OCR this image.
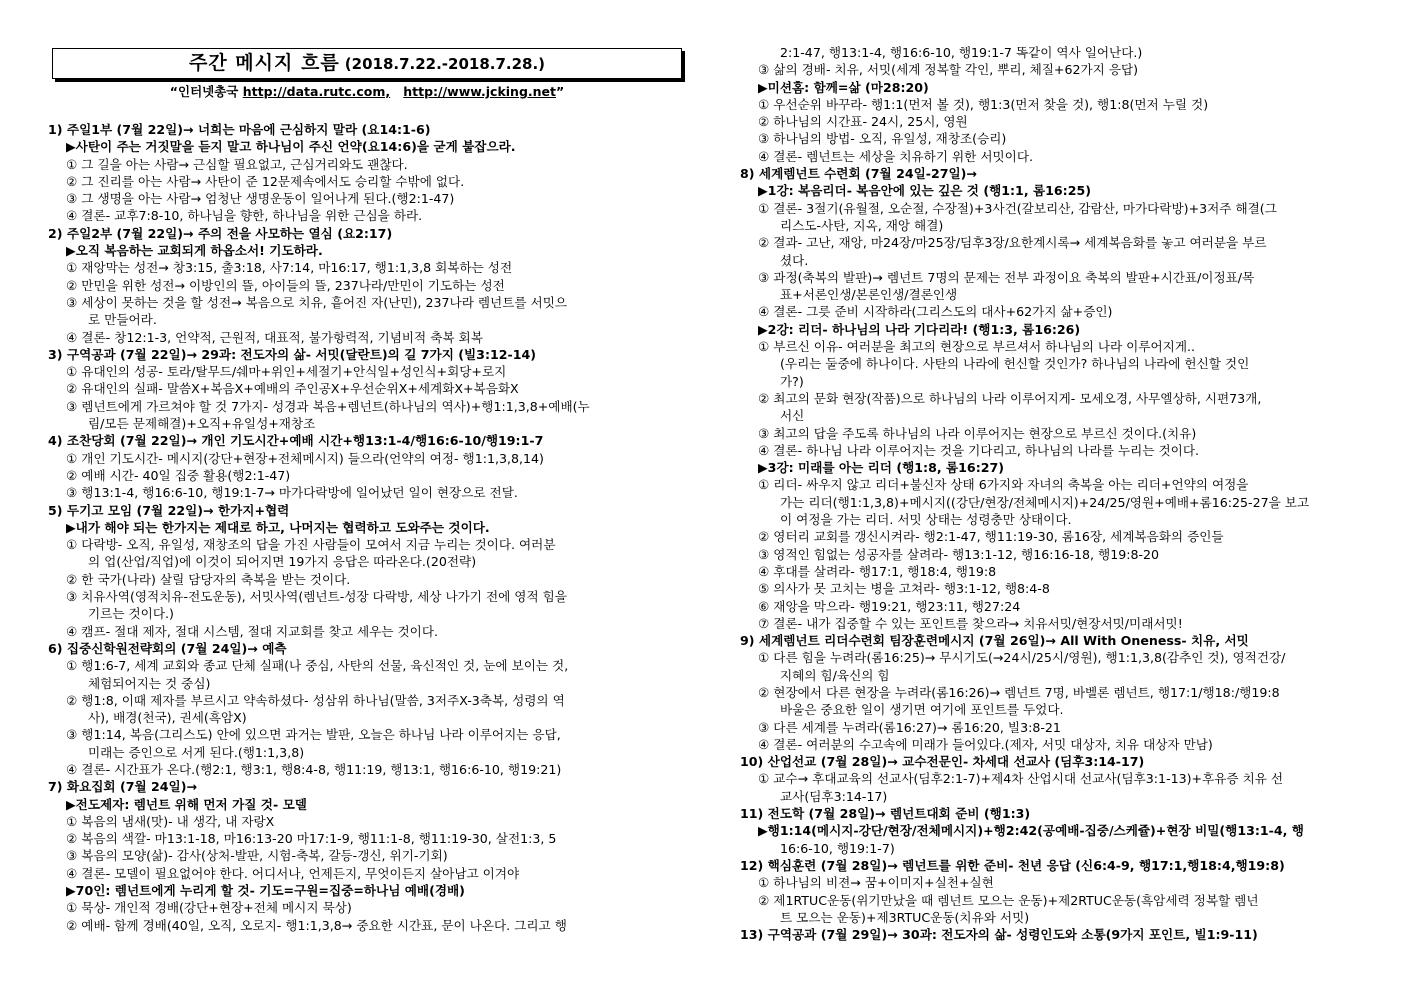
주간 메시지 흐름 (2018.7.22.-2018.7.28.)
“인터넷총국 http://data.rutc.com, http://www.jcking.net”
1) 주일1부 (7월 22일)→ 너희는 마음에 근심하지 말라 (요14:1-6)
▶사탄이 주는 거짓말을 듣지 말고 하나님이 주신 언약(요14:6)을 굳게 붙잡으라.
① 그 길을 아는 사람→ 근심할 필요없고, 근심거리와도 괜찮다.
② 그 진리를 아는 사람→ 사탄이 준 12문제속에서도 승리할 수밖에 없다.
③ 그 생명을 아는 사람→ 엄청난 생명운동이 일어나게 된다.(행2:1-47)
④ 결론- 교후7:8-10, 하나님을 향한, 하나님을 위한 근심을 하라.
2) 주일2부 (7월 22일)→ 주의 전을 사모하는 열심 (요2:17)
▶오직 복음하는 교회되게 하옵소서! 기도하라.
① 재앙막는 성전→ 창3:15, 출3:18, 사7:14, 마16:17, 행1:1,3,8 회복하는 성전
② 만민을 위한 성전→ 이방인의 뜰, 아이들의 뜰, 237나라/만민이 기도하는 성전
③ 세상이 못하는 것을 할 성전→ 복음으로 치유, 흩어진 자(난민), 237나라 렘넌트를 서밋으
로 만들어라.
④ 결론- 창12:1-3, 언약적, 근원적, 대표적, 불가항력적, 기념비적 축복 회복
3) 구역공과 (7월 22일)→ 29과: 전도자의 삶- 서밋(달란트)의 길 7가지 (빌3:12-14)
① 유대인의 성공- 토라/탈무드/쉐마+위인+세절기+안식일+성인식+회당+로지
② 유대인의 실패- 말씀X+복음X+예배의 주인공X+우선순위X+세계화X+복음화X
③ 렘넌트에게 가르쳐야 할 것 7가지- 성경과 복음+렘넌트(하나님의 역사)+행1:1,3,8+예배(누
림/모든 문제해결)+오직+유일성+재창조
4) 조찬당회 (7월 22일)→ 개인 기도시간+예배 시간+행13:1-4/행16:6-10/행19:1-7
① 개인 기도시간- 메시지(강단+현장+전체메시지) 들으라(언약의 여정- 행1:1,3,8,14)
② 예배 시간- 40일 집중 활용(행2:1-47)
③ 행13:1-4, 행16:6-10, 행19:1-7→ 마가다락방에 일어났던 일이 현장으로 전달.
5) 두기고 모임 (7월 22일)→ 한가지+협력
▶내가 해야 되는 한가지는 제대로 하고, 나머지는 협력하고 도와주는 것이다.
① 다락방- 오직, 유일성, 재창조의 답을 가진 사람들이 모여서 지금 누리는 것이다. 여러분
의 업(산업/직업)에 이것이 되어지면 19가지 응답은 따라온다.(20전략)
② 한 국가(나라) 살릴 담당자의 축복을 받는 것이다.
③ 치유사역(영적치유-전도운동), 서밋사역(렘넌트-성장 다락방, 세상 나가기 전에 영적 힘을
기르는 것이다.)
④ 캠프- 절대 제자, 절대 시스템, 절대 지교회를 찾고 세우는 것이다.
6) 집중신학원전략회의 (7월 24일)→ 예측
① 행1:6-7, 세계 교회와 종교 단체 실패(나 중심, 사탄의 선물, 육신적인 것, 눈에 보이는 것,
체험되어지는 것 중심)
② 행1:8, 이때 제자를 부르시고 약속하셨다- 성삼위 하나님(말씀, 3저주X-3축복, 성령의 역
사), 배경(천국), 권세(흑암X)
③ 행1:14, 복음(그리스도) 안에 있으면 과거는 발판, 오늘은 하나님 나라 이루어지는 응답,
미래는 증인으로 서게 된다.(행1:1,3,8)
④ 결론- 시간표가 온다.(행2:1, 행3:1, 행8:4-8, 행11:19, 행13:1, 행16:6-10, 행19:21)
7) 화요집회 (7월 24일)→
▶전도제자: 렘넌트 위해 먼저 가질 것- 모델
① 복음의 냄새(맛)- 내 생각, 내 자랑X
② 복음의 색깔- 마13:1-18, 마16:13-20 마17:1-9, 행11:1-8, 행11:19-30, 살전1:3, 5
③ 복음의 모양(삶)- 감사(상처-발판, 시험-축복, 갈등-갱신, 위기-기회)
④ 결론- 모델이 필요없어야 한다. 어디서나, 언제든지, 무엇이든지 살아남고 이겨야
▶70인: 렘넌트에게 누리게 할 것- 기도=구원=집중=하나님 예배(경배)
① 묵상- 개인적 경배(강단+현장+전체 메시지 묵상)
② 예배- 함께 경배(40일, 오직, 오로지- 행1:1,3,8→ 중요한 시간표, 문이 나온다. 그리고 행
2:1-47, 행13:1-4, 행16:6-10, 행19:1-7 똑같이 역사 일어난다.)
③ 삶의 경배- 치유, 서밋(세계 정복할 각인, 뿌리, 체질+62가지 응답)
▶미션홈: 함께=삶 (마28:20)
① 우선순위 바꾸라- 행1:1(먼저 볼 것), 행1:3(먼저 찾을 것), 행1:8(먼저 누릴 것)
② 하나님의 시간표- 24시, 25시, 영원
③ 하나님의 방법- 오직, 유일성, 재창조(승리)
④ 결론- 렘넌트는 세상을 치유하기 위한 서밋이다.
8) 세계렘넌트 수련회 (7월 24일-27일)→
▶1강: 복음리더- 복음안에 있는 깊은 것 (행1:1, 롬16:25)
① 결론- 3절기(유월절, 오순절, 수장절)+3사건(갈보리산, 감람산, 마가다락방)+3저주 해결(그
리스도-사탄, 지옥, 재앙 해결)
② 결과- 고난, 재앙, 마24장/마25장/딤후3장/요한계시록→ 세계복음화를 놓고 여러분을 부르
셨다.
③ 과정(축복의 발판)→ 렘넌트 7명의 문제는 전부 과정이요 축복의 발판+시간표/이정표/목
표+서론인생/본론인생/결론인생
④ 결론- 그릇 준비 시작하라(그리스도의 대사+62가지 삶+증인)
▶2강: 리더- 하나님의 나라 기다리라! (행1:3, 롬16:26)
① 부르신 이유- 여러분을 최고의 현장으로 부르셔서 하나님의 나라 이루어지게..
(우리는 둘중에 하나이다. 사탄의 나라에 헌신할 것인가? 하나님의 나라에 헌신할 것인
가?)
② 최고의 문화 현장(작품)으로 하나님의 나라 이루어지게- 모세오경, 사무엘상하, 시편73개,
서신
③ 최고의 답을 주도록 하나님의 나라 이루어지는 현장으로 부르신 것이다.(치유)
④ 결론- 하나님 나라 이루어지는 것을 기다리고, 하나님의 나라를 누리는 것이다.
▶3강: 미래를 아는 리더 (행1:8, 롬16:27)
① 리더- 싸우지 않고 리더+불신자 상태 6가지와 자녀의 축복을 아는 리더+언약의 여정을
가는 리더(행1:1,3,8)+메시지((강단/현장/전체메시지)+24/25/영원+예배+롬16:25-27을 보고
이 여정을 가는 리더. 서밋 상태는 성령충만 상태이다.
② 영터리 교회를 갱신시켜라- 행2:1-47, 행11:19-30, 롬16장, 세계복음화의 증인들
③ 영적인 힘없는 성공자를 살려라- 행13:1-12, 행16:16-18, 행19:8-20
④ 후대를 살려라- 행17:1, 행18:4, 행19:8
⑤ 의사가 못 고치는 병을 고쳐라- 행3:1-12, 행8:4-8
⑥ 재앙을 막으라- 행19:21, 행23:11, 행27:24
⑦ 결론- 내가 집중할 수 있는 포인트를 찾으라→ 치유서밋/현장서밋/미래서밋!
9) 세계렘넌트 리더수련회 팀장훈련메시지 (7월 26일)→ All With Oneness- 치유, 서밋
① 다른 힘을 누려라(롬16:25)→ 무시기도(→24시/25시/영원), 행1:1,3,8(감추인 것), 영적건강/
지혜의 힘/육신의 힘
② 현장에서 다른 현장을 누려라(롬16:26)→ 렘넌트 7명, 바벨론 렘넌트, 행17:1/행18:/행19:8
바울은 중요한 일이 생기면 여기에 포인트를 두었다.
③ 다른 세계를 누려라(롬16:27)→ 롬16:20, 빌3:8-21
④ 결론- 여러분의 수고속에 미래가 들어있다.(제자, 서밋 대상자, 치유 대상자 만남)
10) 산업선교 (7월 28일)→ 교수전문인- 차세대 선교사 (딤후3:14-17)
① 교수→ 후대교육의 선교사(딤후2:1-7)+제4차 산업시대 선교사(딤후3:1-13)+후유증 치유 선
교사(딤후3:14-17)
11) 전도학 (7월 28일)→ 렘넌트대회 준비 (행1:3)
▶행1:14(메시지-강단/현장/전체메시지)+행2:42(공예배-집중/스케쥴)+현장 비밀(행13:1-4, 행
16:6-10, 행19:1-7)
12) 핵심훈련 (7월 28일)→ 렘넌트를 위한 준비- 천년 응답 (신6:4-9, 행17:1,행18:4,행19:8)
① 하나님의 비젼→ 꿈+이미지+실천+실현
② 제1RTUC운동(위기만났을 때 렘넌트 모으는 운동)+제2RTUC운동(흑암세력 정복할 렘넌
트 모으는 운동)+제3RTUC운동(치유와 서밋)
13) 구역공과 (7월 29일)→ 30과: 전도자의 삶- 성령인도와 소통(9가지 포인트, 빌1:9-11)
